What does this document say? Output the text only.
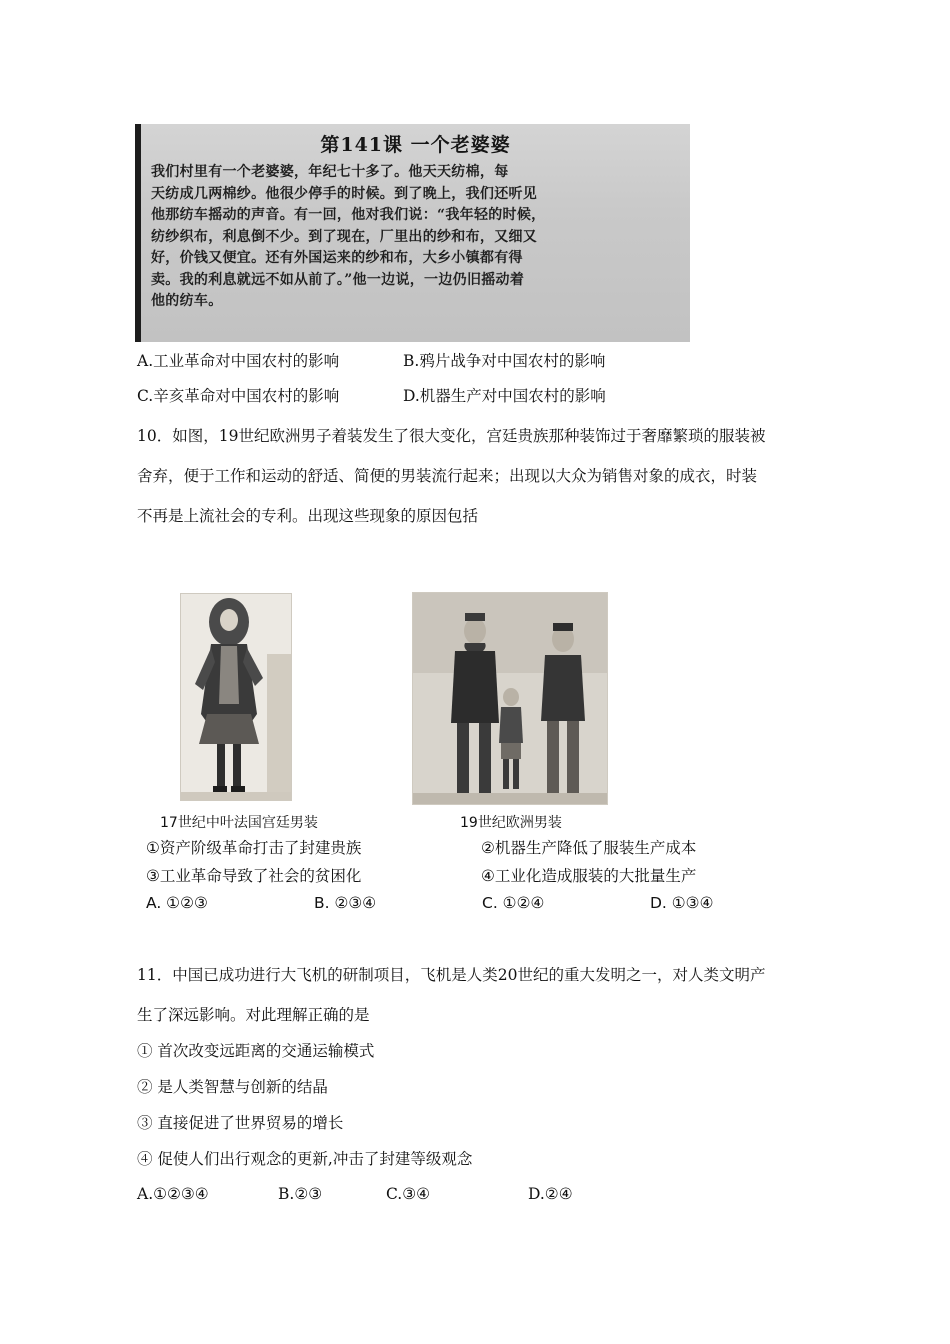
第141课 一个老婆婆
我们村里有一个老婆婆，年纪七十多了。他天天纺棉，每
天纺成几两棉纱。他很少停手的时候。到了晚上，我们还听见
他那纺车摇动的声音。有一回，他对我们说：“我年轻的时候，
纺纱织布，利息倒不少。到了现在，厂里出的纱和布，又细又
好，价钱又便宜。还有外国运来的纱和布，大乡小镇都有得
卖。我的利息就远不如从前了。”他一边说，一边仍旧摇动着
他的纺车。
A.工业革命对中国农村的影响	B.鸦片战争对中国农村的影响
C.辛亥革命对中国农村的影响	D.机器生产对中国农村的影响
10．如图，19世纪欧洲男子着装发生了很大变化，宫廷贵族那种装饰过于奢靡繁琐的服装被
舍弃，便于工作和运动的舒适、简便的男装流行起来；出现以大众为销售对象的成衣，时装
不再是上流社会的专利。出现这些现象的原因包括
17世纪中叶法国宫廷男装	19世纪欧洲男装
①资产阶级革命打击了封建贵族	②机器生产降低了服装生产成本
③工业革命导致了社会的贫困化	④工业化造成服装的大批量生产
A. ①②③	B. ②③④	C. ①②④	D. ①③④
11．中国已成功进行大飞机的研制项目，飞机是人类20世纪的重大发明之一，对人类文明产
生了深远影响。对此理解正确的是
① 首次改变远距离的交通运输模式
② 是人类智慧与创新的结晶
③ 直接促进了世界贸易的增长
④ 促使人们出行观念的更新,冲击了封建等级观念
A.①②③④	B.②③	C.③④	D.②④
